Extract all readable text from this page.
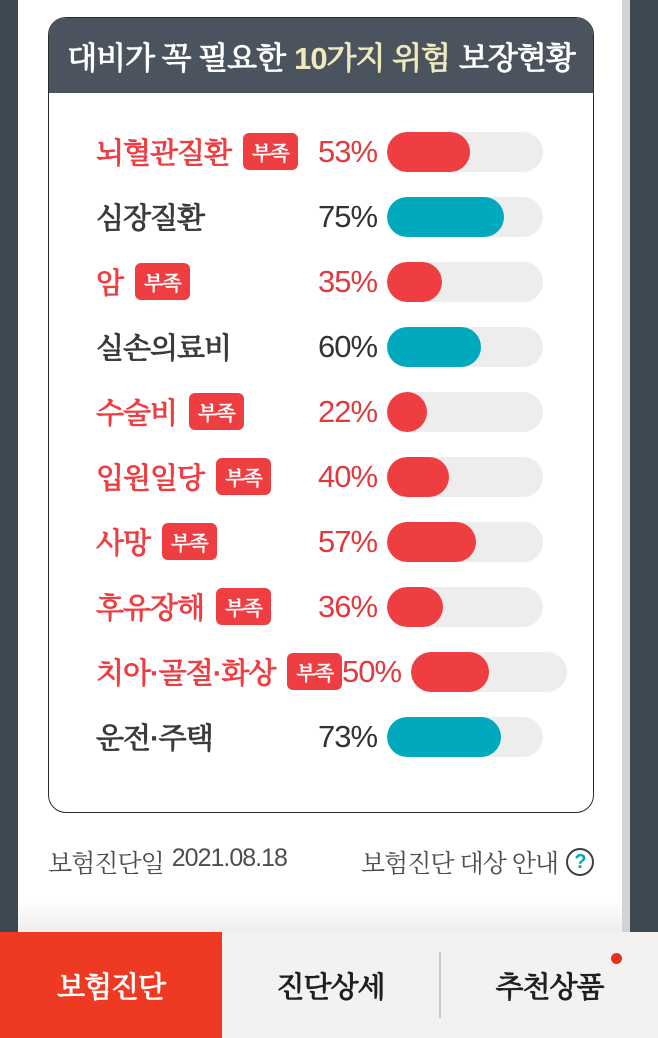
대비가 꼭 필요한 10가지 위험 보장현황
뇌혈관질환	부족 53%
심장질환	75%
암	부족	35%
실손의료비	60%
수술비	부족	22%
입원일당	부족 40%
사망	부족	57%
후유장해	부족 36%
치아·골절·화상	부족 50%
운전·주택	73%
보험진단일 2021.08.18	보험진단 대상 안내 ?
보험진단	진단상세	추천상품
